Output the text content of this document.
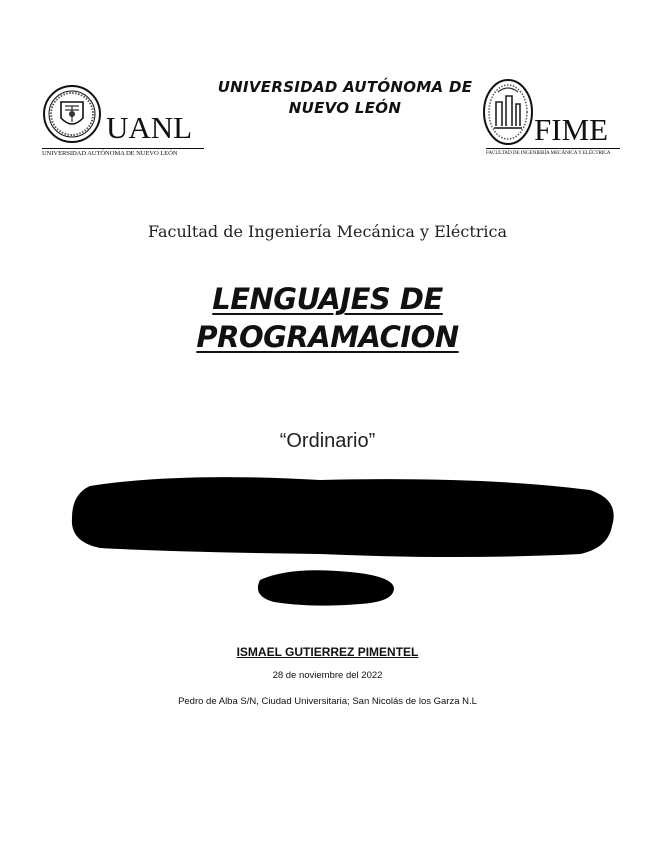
UNIVERSIDAD AUTÓNOMA DE
NUEVO LEÓN
UANL
UNIVERSIDAD AUTÓNOMA DE NUEVO LEÓN
FIME
FACULTAD DE INGENIERÍA MECÁNICA Y ELÉCTRICA
Facultad de Ingeniería Mecánica y Eléctrica
LENGUAJES DE
PROGRAMACION
“Ordinario”
ISMAEL GUTIERREZ PIMENTEL
28 de noviembre del 2022
Pedro de Alba S/N, Ciudad Universitaria; San Nicolás de los Garza N.L
